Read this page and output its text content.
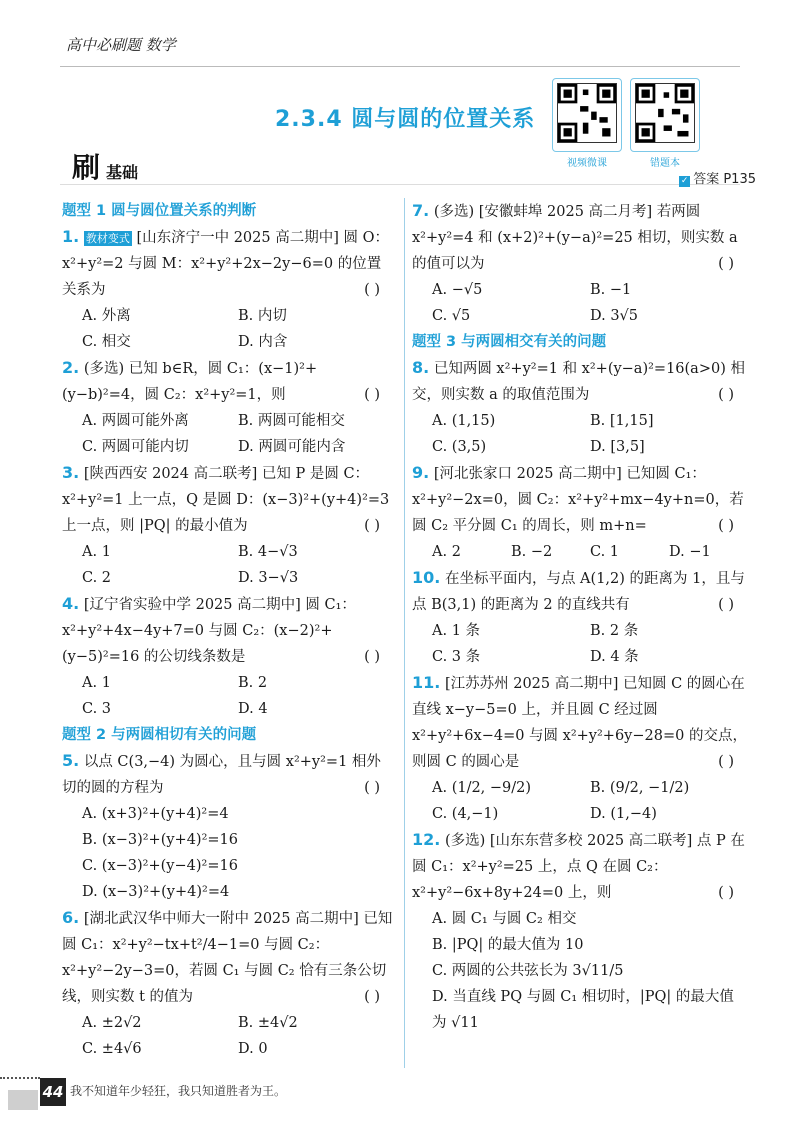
高中必刷题 数学
2.3.4 圆与圆的位置关系
视频微课	错题本
刷 基础	✓ 答案 P135
题型 1 圆与圆位置关系的判断

1. 教材变式 [山东济宁一中 2025 高二期中] 圆 O：x²+y²=2 与圆 M：x²+y²+2x−2y−6=0 的位置关系为	( )

A. 外离	B. 内切
C. 相交	D. 内含

2. (多选) 已知 b∈R，圆 C₁：(x−1)²+(y−b)²=4，圆 C₂：x²+y²=1，则	( )

A. 两圆可能外离	B. 两圆可能相交
C. 两圆可能内切	D. 两圆可能内含

3. [陕西西安 2024 高二联考] 已知 P 是圆 C：x²+y²=1 上一点，Q 是圆 D：(x−3)²+(y+4)²=3 上一点，则 |PQ| 的最小值为	( )

A. 1	B. 4−√3
C. 2	D. 3−√3

4. [辽宁省实验中学 2025 高二期中] 圆 C₁：x²+y²+4x−4y+7=0 与圆 C₂：(x−2)²+(y−5)²=16 的公切线条数是	( )

A. 1	B. 2
C. 3	D. 4
题型 2 与两圆相切有关的问题

5. 以点 C(3,−4) 为圆心，且与圆 x²+y²=1 相外切的圆的方程为	( )

A. (x+3)²+(y+4)²=4
B. (x−3)²+(y+4)²=16
C. (x−3)²+(y−4)²=16
D. (x−3)²+(y+4)²=4

6. [湖北武汉华中师大一附中 2025 高二期中] 已知圆 C₁：x²+y²−tx+t²/4−1=0 与圆 C₂：x²+y²−2y−3=0，若圆 C₁ 与圆 C₂ 恰有三条公切线，则实数 t 的值为	( )

A. ±2√2	B. ±4√2
C. ±4√6	D. 0

7. (多选) [安徽蚌埠 2025 高二月考] 若两圆 x²+y²=4 和 (x+2)²+(y−a)²=25 相切，则实数 a 的值可以为	( )

A. −√5	B. −1
C. √5	D. 3√5
题型 3 与两圆相交有关的问题

8. 已知两圆 x²+y²=1 和 x²+(y−a)²=16(a>0) 相交，则实数 a 的取值范围为	( )

A. (1,15)	B. [1,15]
C. (3,5)	D. [3,5]

9. [河北张家口 2025 高二期中] 已知圆 C₁：x²+y²−2x=0，圆 C₂：x²+y²+mx−4y+n=0，若圆 C₂ 平分圆 C₁ 的周长，则 m+n=	( )

A. 2	B. −2	C. 1	D. −1

10. 在坐标平面内，与点 A(1,2) 的距离为 1，且与点 B(3,1) 的距离为 2 的直线共有	( )

A. 1 条	B. 2 条
C. 3 条	D. 4 条

11. [江苏苏州 2025 高二期中] 已知圆 C 的圆心在直线 x−y−5=0 上，并且圆 C 经过圆 x²+y²+6x−4=0 与圆 x²+y²+6y−28=0 的交点，则圆 C 的圆心是	( )

A. (1/2, −9/2)	B. (9/2, −1/2)
C. (4,−1)	D. (1,−4)

12. (多选) [山东东营多校 2025 高二联考] 点 P 在圆 C₁：x²+y²=25 上，点 Q 在圆 C₂：x²+y²−6x+8y+24=0 上，则	( )

A. 圆 C₁ 与圆 C₂ 相交
B. |PQ| 的最大值为 10
C. 两圆的公共弦长为 3√11/5
D. 当直线 PQ 与圆 C₁ 相切时，|PQ| 的最大值为 √11
44 我不知道年少轻狂，我只知道胜者为王。
